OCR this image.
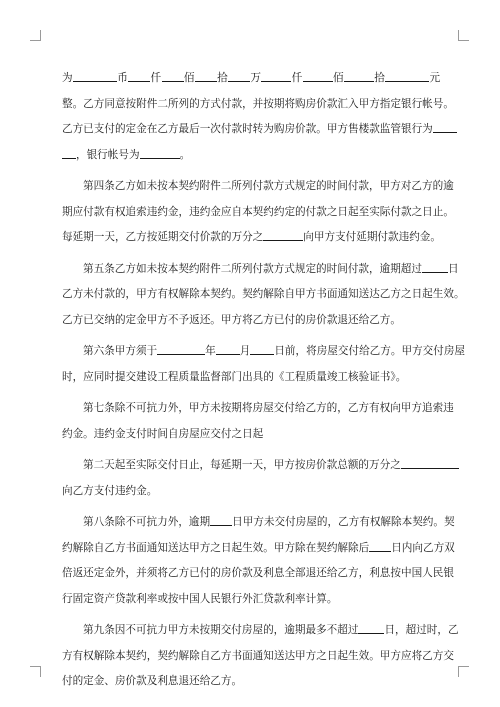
为	币 仟 佰 拾 万	仟	佰	拾	元
整。乙方同意按附件二所列的方式付款，并按期将购房价款汇入甲方指定银行帐号。
乙方已支付的定金在乙方最后一次付款时转为购房价款。甲方售楼款监管银行为
，银行帐号为	。
第四条乙方如未按本契约附件二所列付款方式规定的时间付款，甲方对乙方的逾
期应付款有权追索违约金，违约金应自本契约约定的付款之日起至实际付款之日止。
每延期一天，乙方按延期交付价款的万分之	向甲方支付延期付款违约金。
第五条乙方如未按本契约附件二所列付款方式规定的时间付款，逾期超过 日
乙方未付款的，甲方有权解除本契约。契约解除自甲方书面通知送达乙方之日起生效。
乙方已交纳的定金甲方不予返还。甲方将乙方已付的房价款退还给乙方。
第六条甲方须于	年 月 日前，将房屋交付给乙方。甲方交付房屋
时，应同时提交建设工程质量监督部门出具的《工程质量竣工核验证书》。
第七条除不可抗力外，甲方未按期将房屋交付给乙方的，乙方有权向甲方追索违
约金。违约金支付时间自房屋应交付之日起
第二天起至实际交付日止，每延期一天，甲方按房价款总额的万分之
向乙方支付违约金。
第八条除不可抗力外，逾期 日甲方未交付房屋的，乙方有权解除本契约。契
约解除自乙方书面通知送达甲方之日起生效。甲方除在契约解除后 日内向乙方双
倍返还定金外，并须将乙方已付的房价款及利息全部退还给乙方，利息按中国人民银
行固定资产贷款利率或按中国人民银行外汇贷款利率计算。
第九条因不可抗力甲方未按期交付房屋的，逾期最多不超过 日，超过时，乙
方有权解除本契约，契约解除自乙方书面通知送达甲方之日起生效。甲方应将乙方交
付的定金、房价款及利息退还给乙方。
